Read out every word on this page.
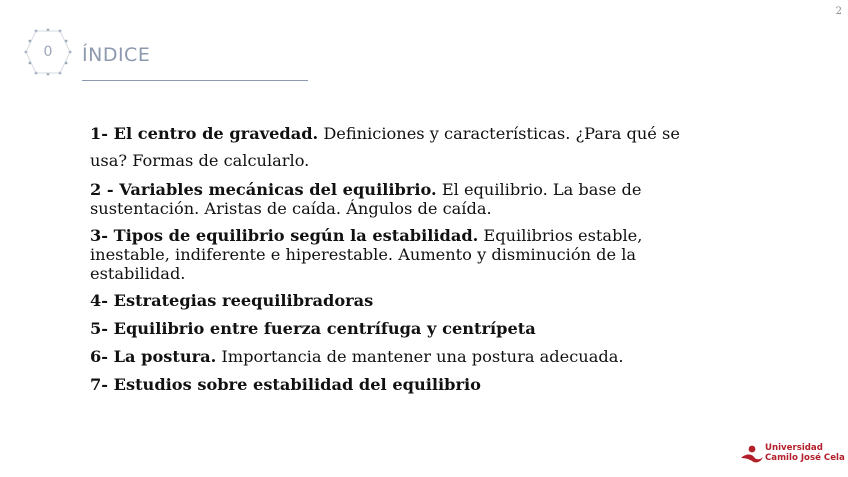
2
0	ÍNDICE

1- El centro de gravedad. Definiciones y características. ¿Para qué se usa? Formas de calcularlo.

2 - Variables mecánicas del equilibrio. El equilibrio. La base de sustentación. Aristas de caída. Ángulos de caída.

3- Tipos de equilibrio según la estabilidad. Equilibrios estable, inestable, indiferente e hiperestable. Aumento y disminución de la estabilidad.

4- Estrategias reequilibradoras

5- Equilibrio entre fuerza centrífuga y centrípeta

6- La postura. Importancia de mantener una postura adecuada.

7- Estudios sobre estabilidad del equilibrio

Universidad
Camilo José Cela
